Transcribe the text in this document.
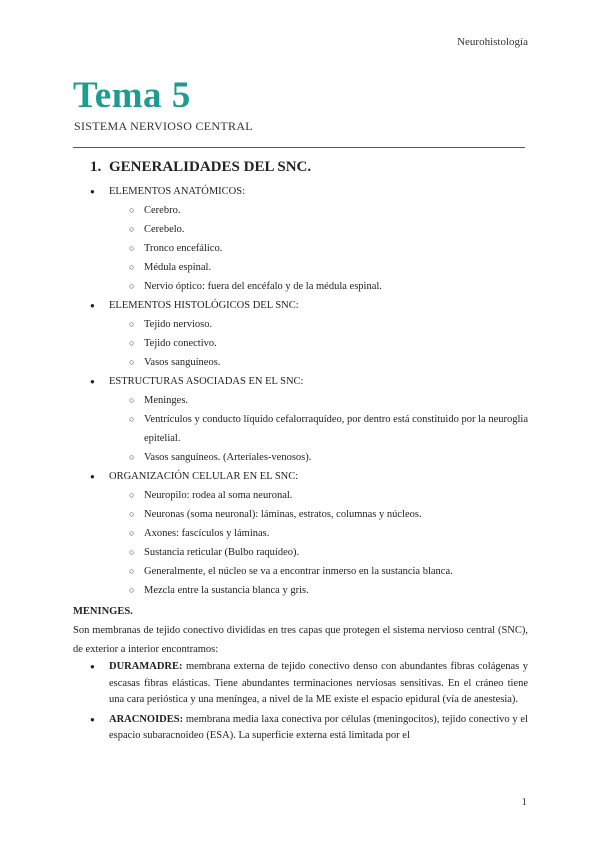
Neurohistología
Tema 5
SISTEMA NERVIOSO CENTRAL
1. GENERALIDADES DEL SNC.
● ELEMENTOS ANATÓMICOS:
○ Cerebro.
○ Cerebelo.
○ Tronco encefálico.
○ Médula espinal.
○ Nervio óptico: fuera del encéfalo y de la médula espinal.
● ELEMENTOS HISTOLÓGICOS DEL SNC:
○ Tejido nervioso.
○ Tejido conectivo.
○ Vasos sanguíneos.
● ESTRUCTURAS ASOCIADAS EN EL SNC:
○ Meninges.
○ Ventrículos y conducto líquido cefalorraquídeo, por dentro está constituido por la neuroglia epitelial.
○ Vasos sanguíneos. (Arteriales-venosos).
● ORGANIZACIÓN CELULAR EN EL SNC:
○ Neuropilo: rodea al soma neuronal.
○ Neuronas (soma neuronal): láminas, estratos, columnas y núcleos.
○ Axones: fascículos y láminas.
○ Sustancia reticular (Bulbo raquídeo).
○ Generalmente, el núcleo se va a encontrar inmerso en la sustancia blanca.
○ Mezcla entre la sustancia blanca y gris.
MENINGES.
Son membranas de tejido conectivo divididas en tres capas que protegen el sistema nervioso central (SNC), de exterior a interior encontramos:
● DURAMADRE: membrana externa de tejido conectivo denso con abundantes fibras colágenas y escasas fibras elásticas. Tiene abundantes terminaciones nerviosas sensitivas. En el cráneo tiene una cara perióstica y una meníngea, a nivel de la ME existe el espacio epidural (vía de anestesia).
● ARACNOIDES: membrana media laxa conectiva por células (meningocitos), tejido conectivo y el espacio subaracnoideo (ESA). La superficie externa está limitada por el
1
